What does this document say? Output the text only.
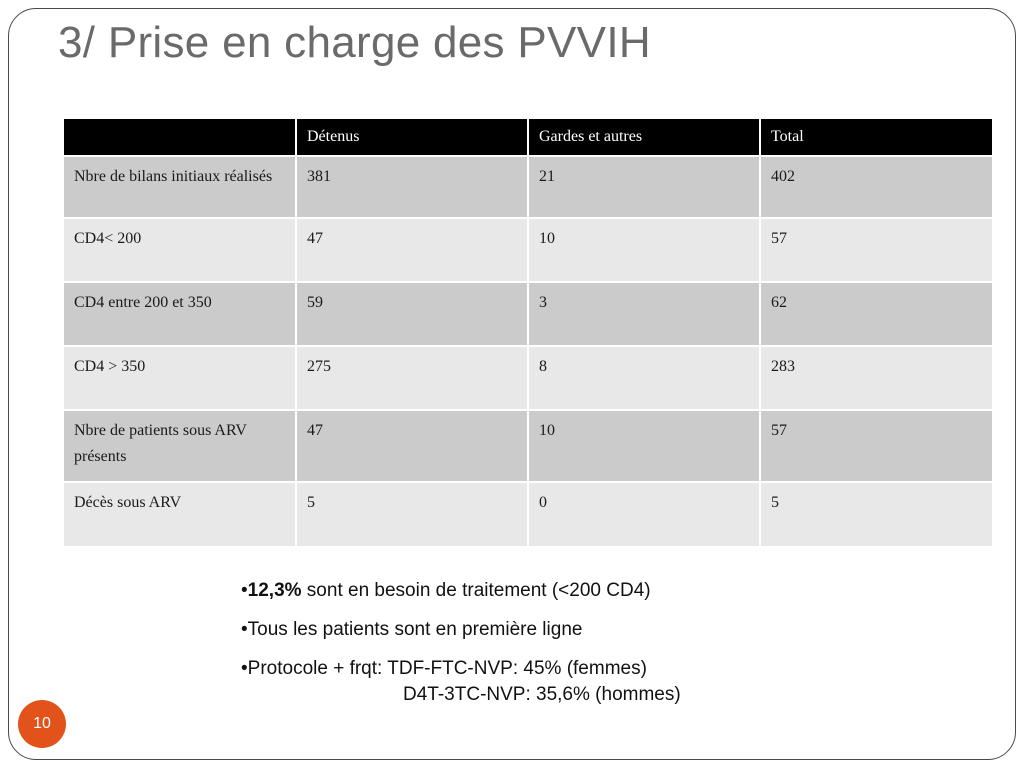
3/ Prise en charge des PVVIH
	Détenus	Gardes et autres	Total
Nbre de bilans initiaux réalisés	381	21	402
CD4< 200	47	10	57
CD4 entre 200 et 350	59	3	62
CD4 > 350	275	8	283
Nbre de patients sous ARV présents	47	10	57
Décès sous ARV	5	0	5
•12,3% sont en besoin de traitement (<200 CD4)
•Tous les patients sont en première ligne
•Protocole + frqt: TDF-FTC-NVP: 45% (femmes)
D4T-3TC-NVP: 35,6% (hommes)
10
